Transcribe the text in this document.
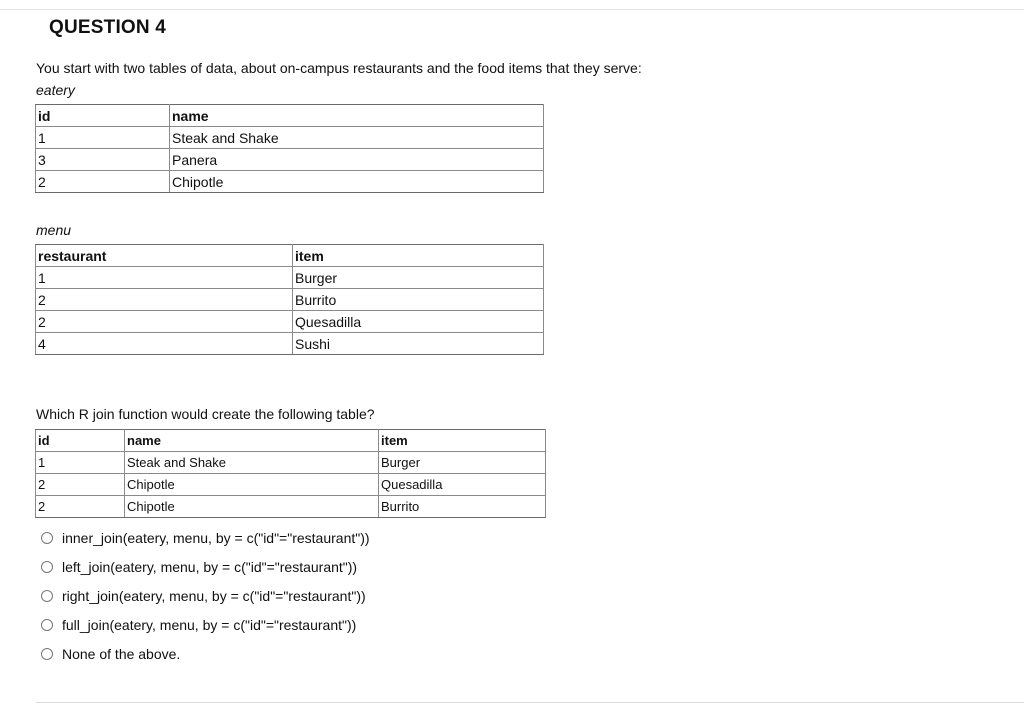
QUESTION 4
You start with two tables of data, about on-campus restaurants and the food items that they serve:
eatery
id	name
1	Steak and Shake
3	Panera
2	Chipotle
menu
restaurant	item
1	Burger
2	Burrito
2	Quesadilla
4	Sushi
Which R join function would create the following table?
id	name	item
1	Steak and Shake	Burger
2	Chipotle	Quesadilla
2	Chipotle	Burrito
inner_join(eatery, menu, by = c("id"="restaurant"))
left_join(eatery, menu, by = c("id"="restaurant"))
right_join(eatery, menu, by = c("id"="restaurant"))
full_join(eatery, menu, by = c("id"="restaurant"))
None of the above.
